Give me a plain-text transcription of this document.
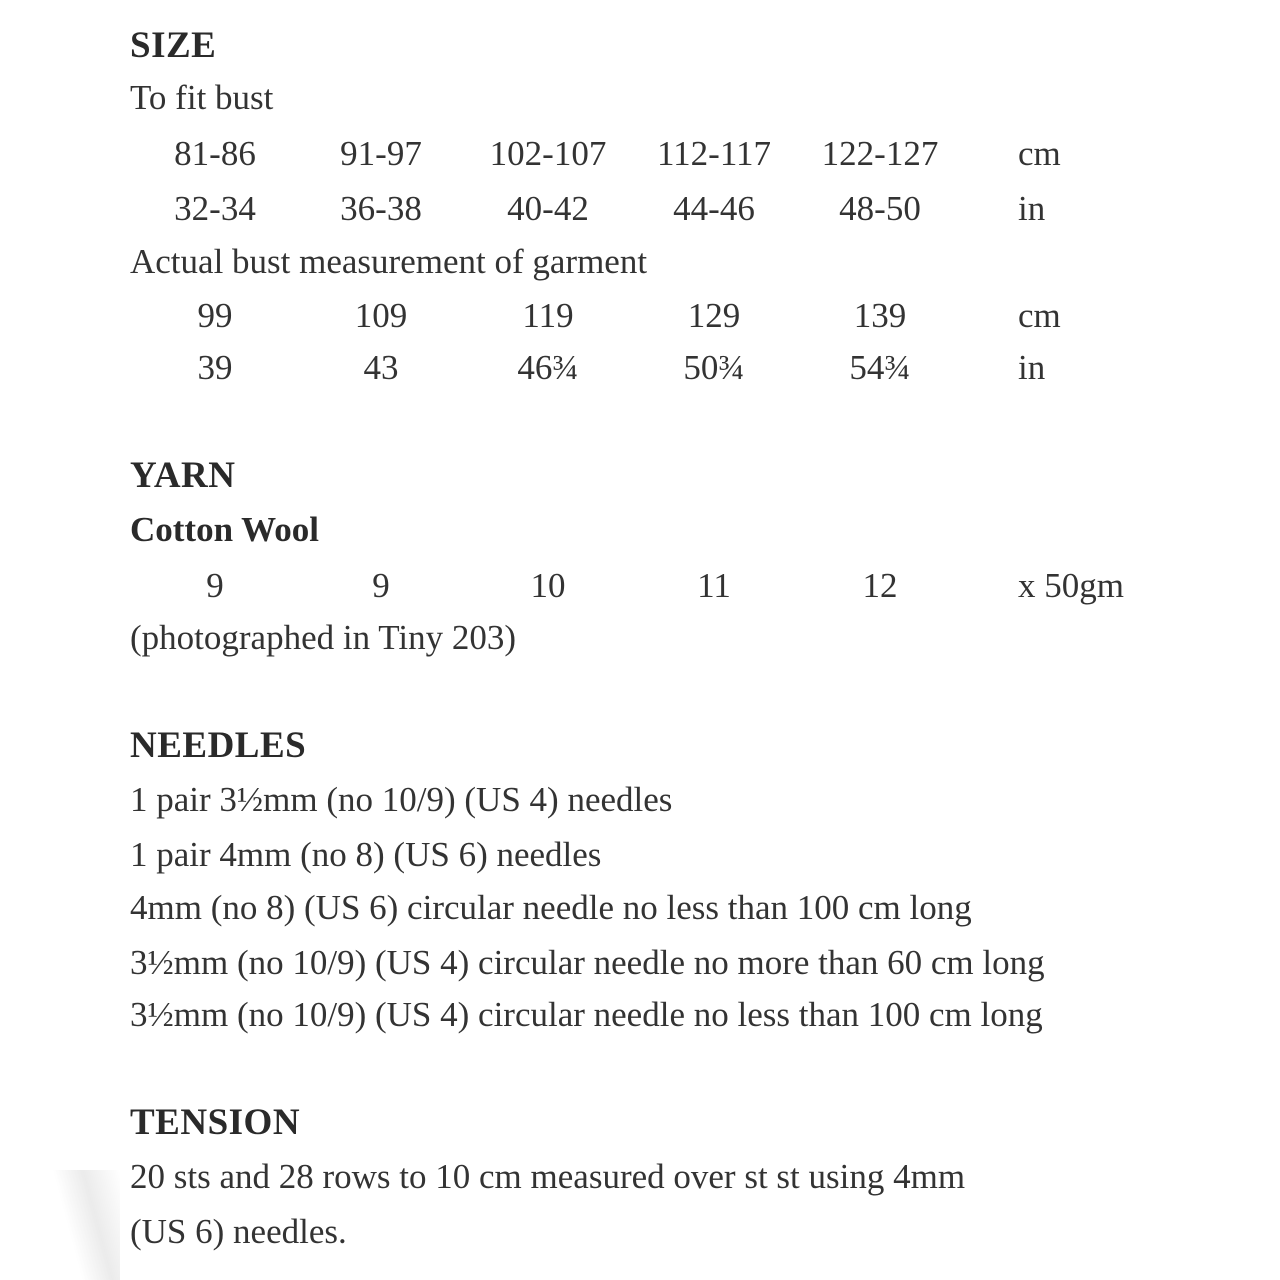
SIZE
To fit bust
81-86	91-97	102-107	112-117	122-127	cm
32-34	36-38	40-42	44-46	48-50	in
Actual bust measurement of garment
99	109	119	129	139	cm
39	43	46¾	50¾	54¾	in
YARN
Cotton Wool
9	9	10	11	12	x 50gm
(photographed in Tiny 203)
NEEDLES
1 pair 3½mm (no 10/9) (US 4) needles
1 pair 4mm (no 8) (US 6) needles
4mm (no 8) (US 6) circular needle no less than 100 cm long
3½mm (no 10/9) (US 4) circular needle no more than 60 cm long
3½mm (no 10/9) (US 4) circular needle no less than 100 cm long
TENSION
20 sts and 28 rows to 10 cm measured over st st using 4mm
(US 6) needles.
